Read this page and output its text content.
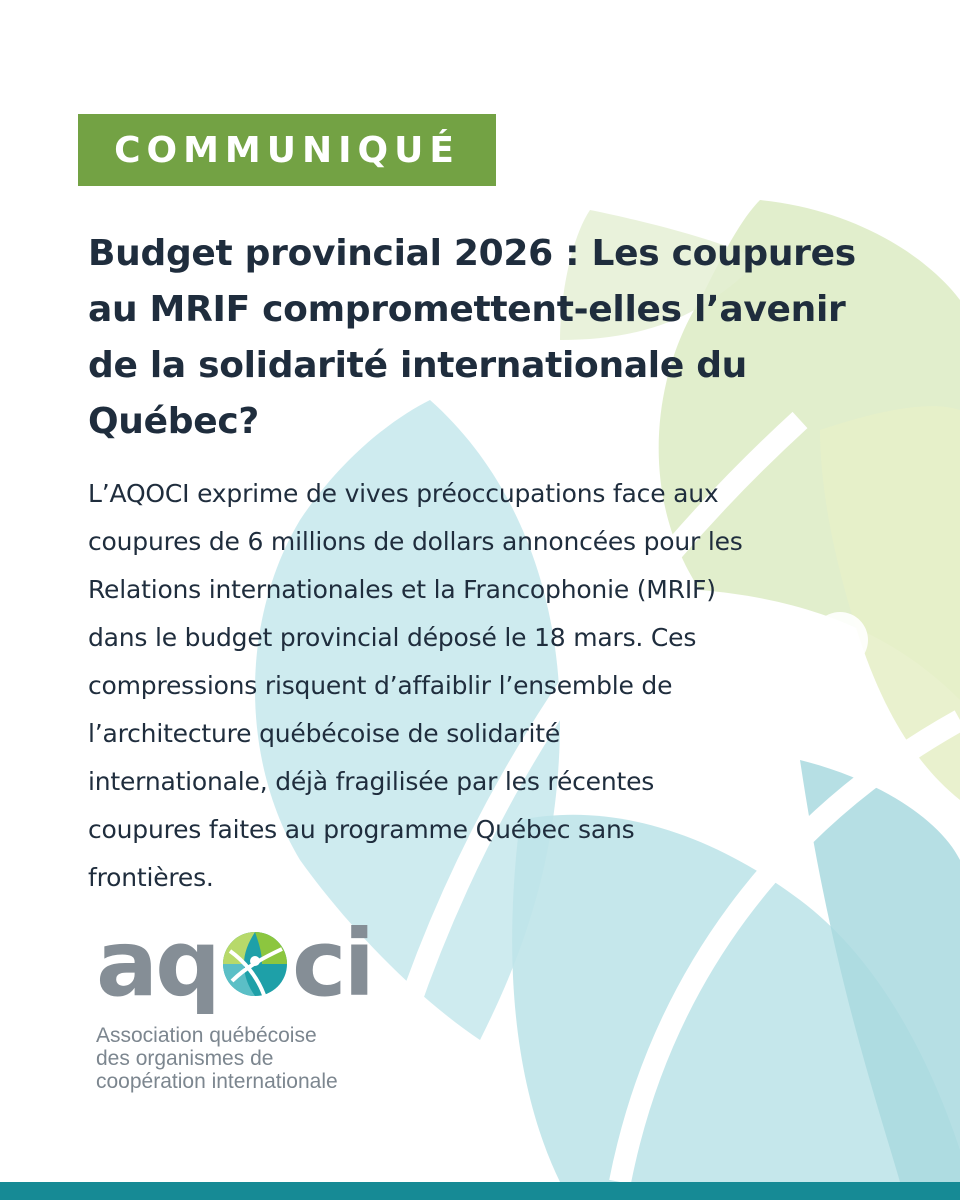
COMMUNIQUÉ
Budget provincial 2026 : Les coupures
au MRIF compromettent-elles l’avenir
de la solidarité internationale du
Québec?

L’AQOCI exprime de vives préoccupations face aux
coupures de 6 millions de dollars annoncées pour les
Relations internationales et la Francophonie (MRIF)
dans le budget provincial déposé le 18 mars. Ces
compressions risquent d’affaiblir l’ensemble de
l’architecture québécoise de solidarité
internationale, déjà fragilisée par les récentes
coupures faites au programme Québec sans
frontières.

aq ci
Association québécoise
des organismes de
coopération internationale
